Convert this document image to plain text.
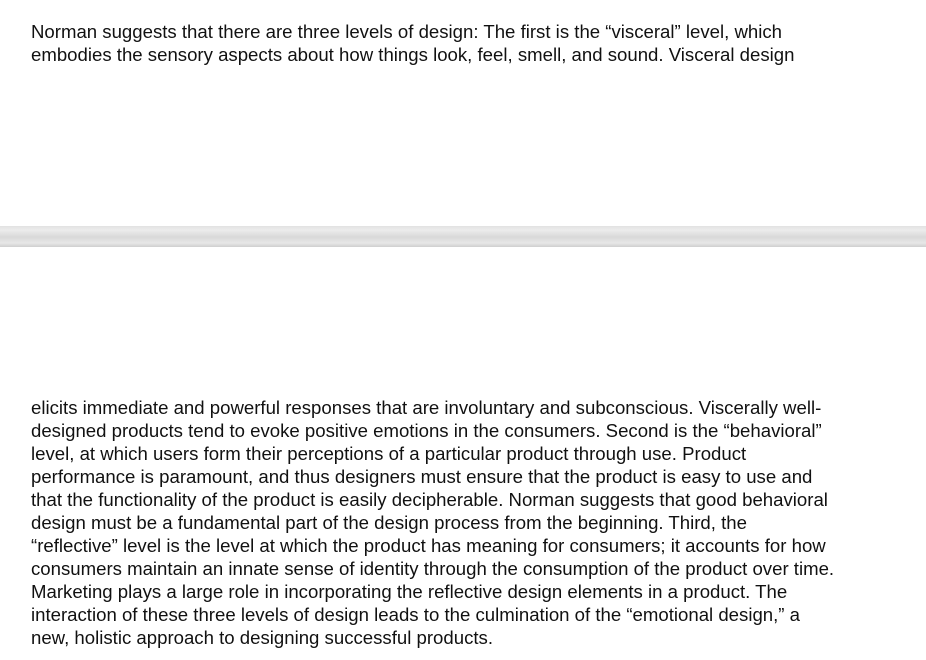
Norman suggests that there are three levels of design: The first is the “visceral” level, which

embodies the sensory aspects about how things look, feel, smell, and sound. Visceral design

elicits immediate and powerful responses that are involuntary and subconscious. Viscerally well-

designed products tend to evoke positive emotions in the consumers. Second is the “behavioral”

level, at which users form their perceptions of a particular product through use. Product

performance is paramount, and thus designers must ensure that the product is easy to use and

that the functionality of the product is easily decipherable. Norman suggests that good behavioral

design must be a fundamental part of the design process from the beginning. Third, the

“reflective” level is the level at which the product has meaning for consumers; it accounts for how

consumers maintain an innate sense of identity through the consumption of the product over time.

Marketing plays a large role in incorporating the reflective design elements in a product. The

interaction of these three levels of design leads to the culmination of the “emotional design,” a

new, holistic approach to designing successful products.
